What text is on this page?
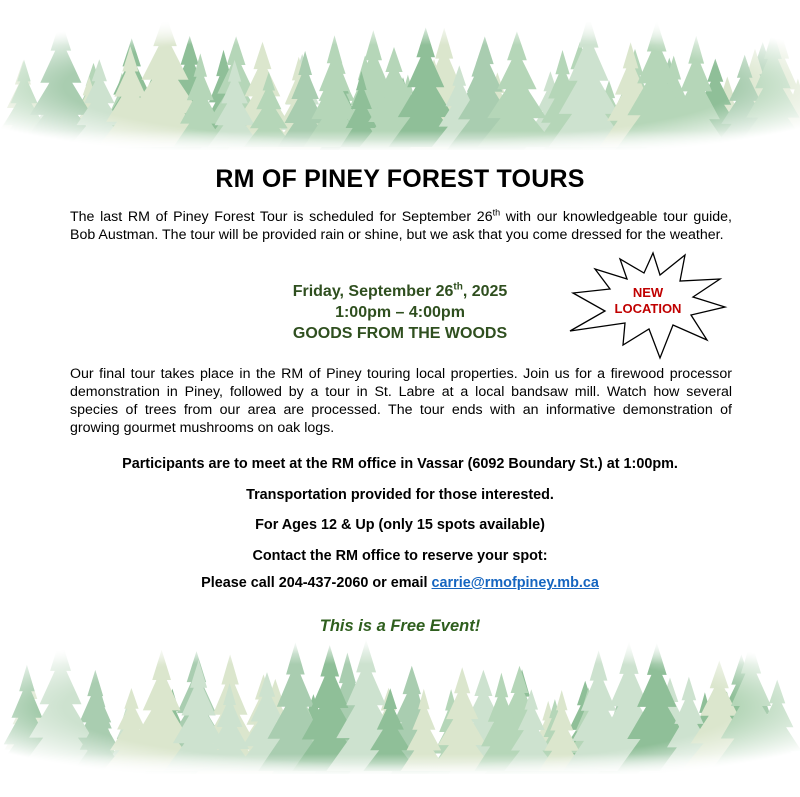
RM OF PINEY FOREST TOURS

The last RM of Piney Forest Tour is scheduled for September 26th with our knowledgeable tour guide, Bob Austman. The tour will be provided rain or shine, but we ask that you come dressed for the weather.

Friday, September 26th, 2025
1:00pm – 4:00pm
GOODS FROM THE WOODS
NEW
LOCATION

Our final tour takes place in the RM of Piney touring local properties. Join us for a firewood processor demonstration in Piney, followed by a tour in St. Labre at a local bandsaw mill. Watch how several species of trees from our area are processed. The tour ends with an informative demonstration of growing gourmet mushrooms on oak logs.

Participants are to meet at the RM office in Vassar (6092 Boundary St.) at 1:00pm.
Transportation provided for those interested.
For Ages 12 & Up (only 15 spots available)
Contact the RM office to reserve your spot:
Please call 204-437-2060 or email carrie@rmofpiney.mb.ca
This is a Free Event!
